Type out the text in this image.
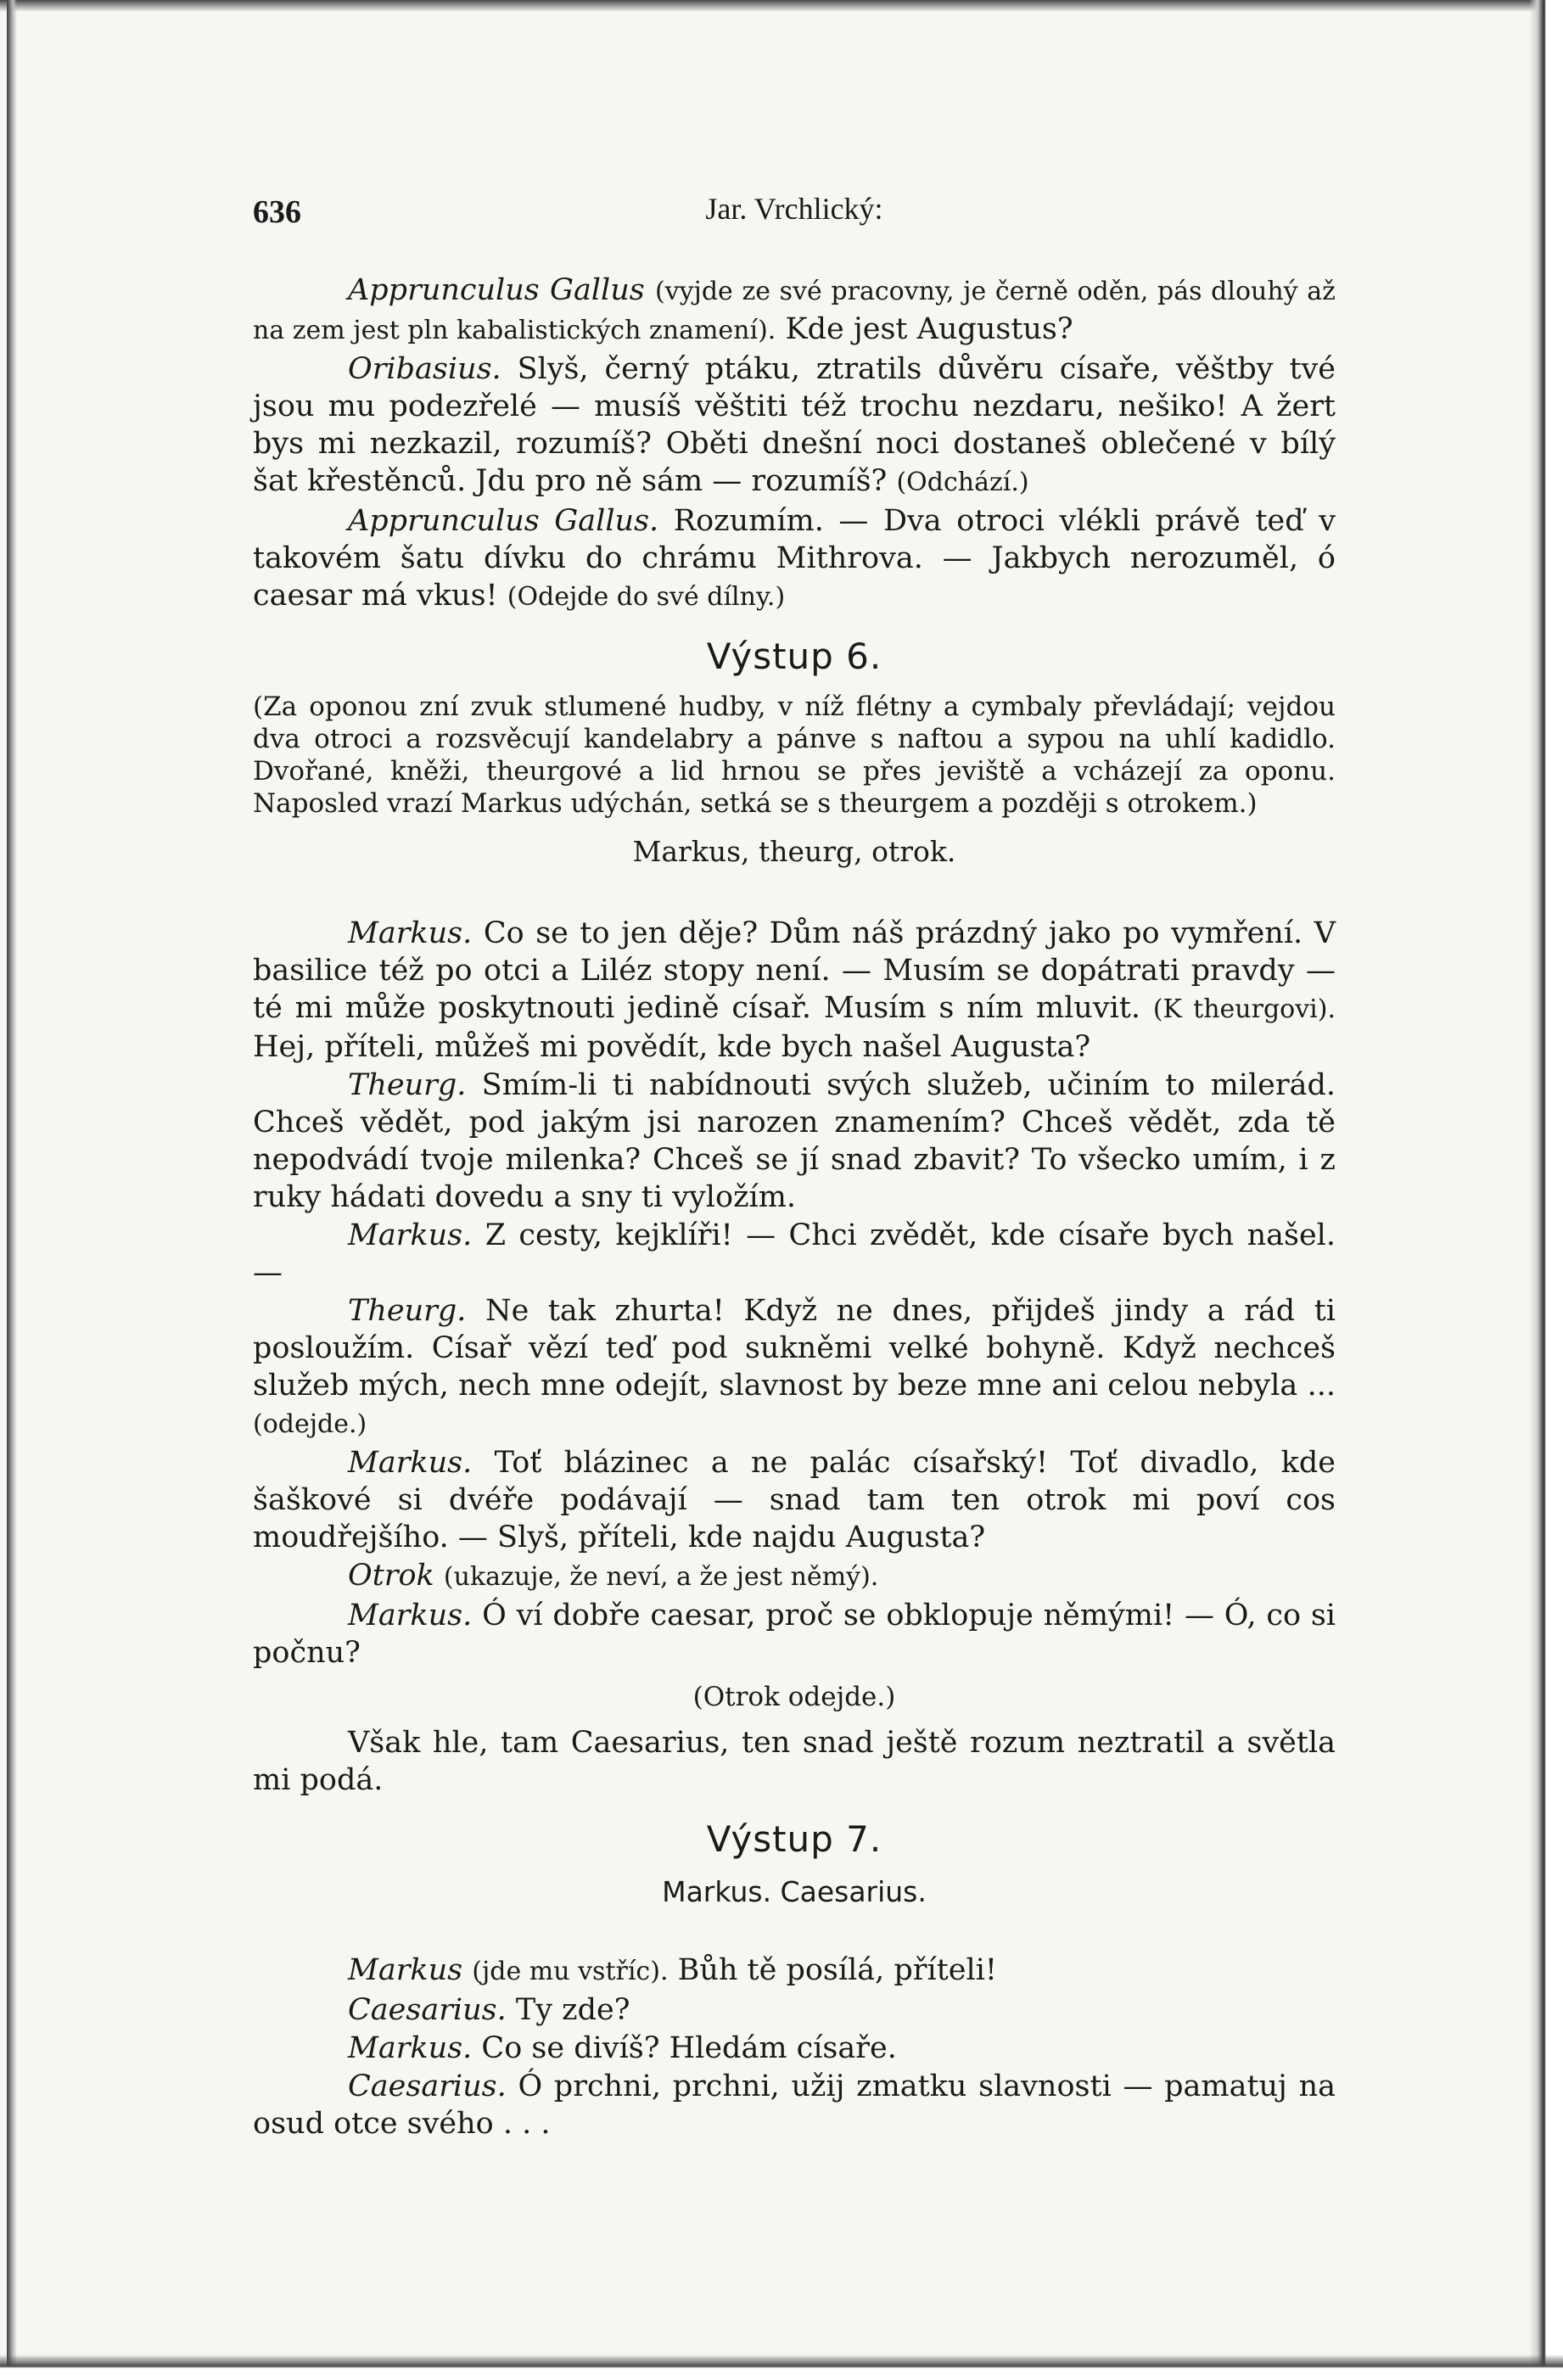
636	Jar. Vrchlický:

Apprunculus Gallus (vyjde ze své pracovny, je černě oděn, pás dlouhý až na zem jest pln kabalistických znamení). Kde jest Augustus?

Oribasius. Slyš, černý ptáku, ztratils důvěru císaře, věštby tvé jsou mu podezřelé — musíš věštiti též trochu nezdaru, nešiko! A žert bys mi nezkazil, rozumíš? Oběti dnešní noci dostaneš oblečené v bílý šat křestěnců. Jdu pro ně sám — rozumíš? (Odchází.)

Apprunculus Gallus. Rozumím. — Dva otroci vlékli právě teď v takovém šatu dívku do chrámu Mithrova. — Jakbych nerozuměl, ó caesar má vkus! (Odejde do své dílny.)

Výstup 6.

(Za oponou zní zvuk stlumené hudby, v níž flétny a cymbaly převládají; vejdou dva otroci a rozsvěcují kandelabry a pánve s naftou a sypou na uhlí kadidlo. Dvořané, kněži, theurgové a lid hrnou se přes jeviště a vcházejí za oponu. Naposled vrazí Markus udýchán, setká se s theurgem a později s otrokem.)

Markus, theurg, otrok.

Markus. Co se to jen děje? Dům náš prázdný jako po vymření. V basilice též po otci a Liléz stopy není. — Musím se dopátrati pravdy — té mi může poskytnouti jedině císař. Musím s ním mluvit. (K theurgovi). Hej, příteli, můžeš mi povědít, kde bych našel Augusta?

Theurg. Smím-li ti nabídnouti svých služeb, učiním to milerád. Chceš vědět, pod jakým jsi narozen znamením? Chceš vědět, zda tě nepodvádí tvoje milenka? Chceš se jí snad zbavit? To všecko umím, i z ruky hádati dovedu a sny ti vyložím.

Markus. Z cesty, kejklíři! — Chci zvědět, kde císaře bych našel. —

Theurg. Ne tak zhurta! Když ne dnes, přijdeš jindy a rád ti posloužím. Císař vězí teď pod sukněmi velké bohyně. Když nechceš služeb mých, nech mne odejít, slavnost by beze mne ani celou nebyla ... (odejde.)

Markus. Toť blázinec a ne palác císařský! Toť divadlo, kde šaškové si dvéře podávají — snad tam ten otrok mi poví cos moudřejšího. — Slyš, příteli, kde najdu Augusta?

Otrok (ukazuje, že neví, a že jest němý).

Markus. Ó ví dobře caesar, proč se obklopuje němými! — Ó, co si počnu?

(Otrok odejde.)

Však hle, tam Caesarius, ten snad ještě rozum neztratil a světla mi podá.

Výstup 7.

Markus. Caesarius.

Markus (jde mu vstříc). Bůh tě posílá, příteli!

Caesarius. Ty zde?

Markus. Co se divíš? Hledám císaře.

Caesarius. Ó prchni, prchni, užij zmatku slavnosti — pamatuj na osud otce svého . . .
